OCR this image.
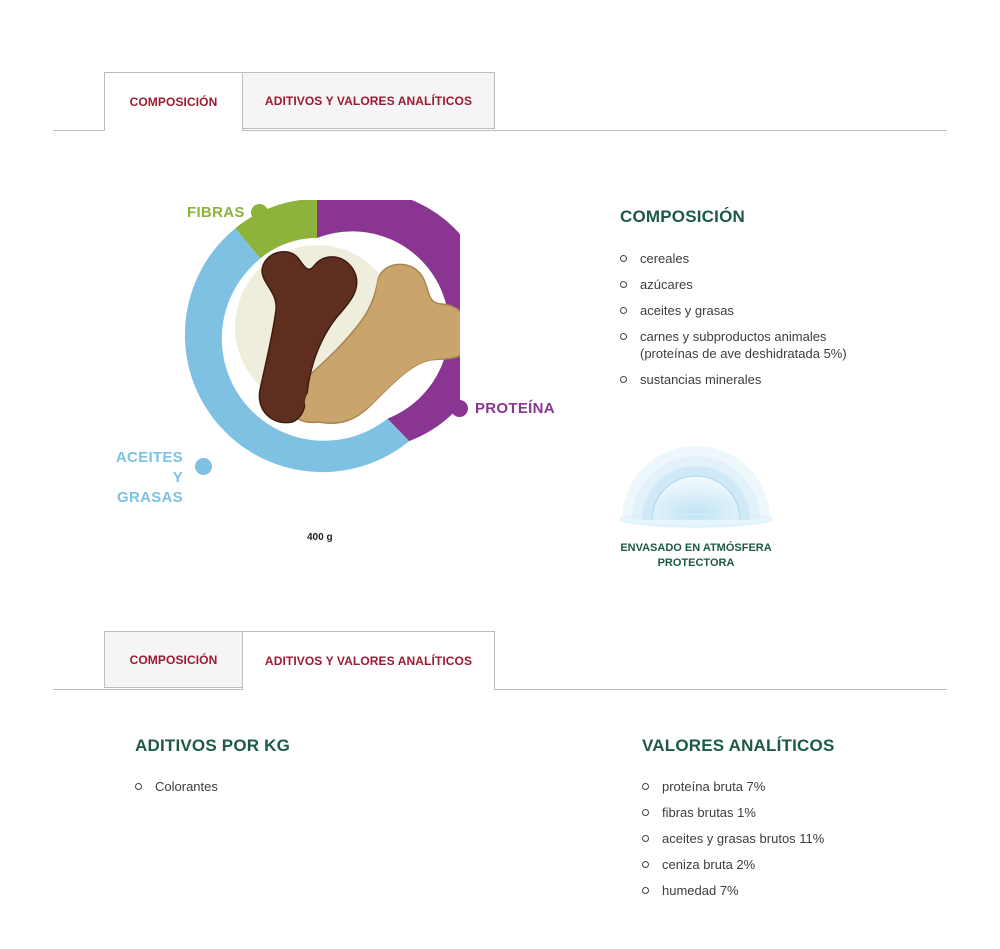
COMPOSICIÓN	ADITIVOS Y VALORES ANALÍTICOS
FIBRAS
PROTEÍNA
ACEITES
Y GRASAS
400 g
COMPOSICIÓN
cereales
azúcares
aceites y grasas
carnes y subproductos animales
(proteínas de ave deshidratada 5%)
sustancias minerales
ENVASADO EN ATMÓSFERA
PROTECTORA
COMPOSICIÓN	ADITIVOS Y VALORES ANALÍTICOS
ADITIVOS POR KG
Colorantes
VALORES ANALÍTICOS
proteína bruta 7%
fibras brutas 1%
aceites y grasas brutos 11%
ceniza bruta 2%
humedad 7%
